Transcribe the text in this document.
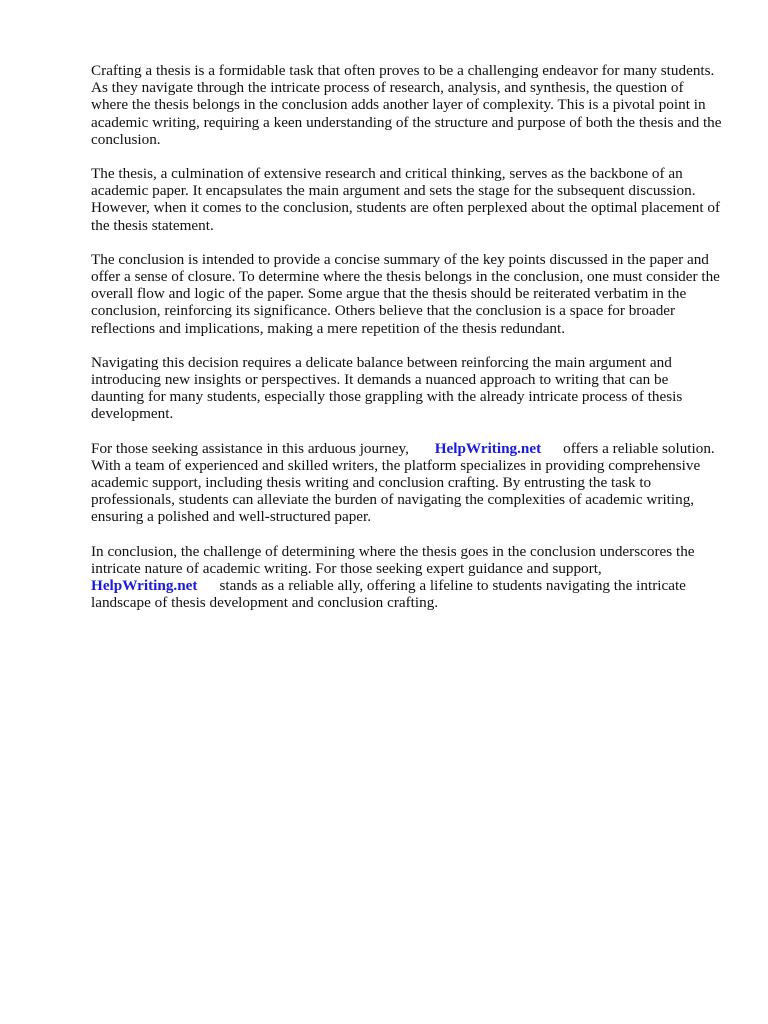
Crafting a thesis is a formidable task that often proves to be a challenging endeavor for many students. As they navigate through the intricate process of research, analysis, and synthesis, the question of where the thesis belongs in the conclusion adds another layer of complexity. This is a pivotal point in academic writing, requiring a keen understanding of the structure and purpose of both the thesis and the conclusion.

The thesis, a culmination of extensive research and critical thinking, serves as the backbone of an academic paper. It encapsulates the main argument and sets the stage for the subsequent discussion. However, when it comes to the conclusion, students are often perplexed about the optimal placement of the thesis statement.

The conclusion is intended to provide a concise summary of the key points discussed in the paper and offer a sense of closure. To determine where the thesis belongs in the conclusion, one must consider the overall flow and logic of the paper. Some argue that the thesis should be reiterated verbatim in the conclusion, reinforcing its significance. Others believe that the conclusion is a space for broader reflections and implications, making a mere repetition of the thesis redundant.

Navigating this decision requires a delicate balance between reinforcing the main argument and introducing new insights or perspectives. It demands a nuanced approach to writing that can be daunting for many students, especially those grappling with the already intricate process of thesis development.

For those seeking assistance in this arduous journey, HelpWriting.net offers a reliable solution. With a team of experienced and skilled writers, the platform specializes in providing comprehensive academic support, including thesis writing and conclusion crafting. By entrusting the task to professionals, students can alleviate the burden of navigating the complexities of academic writing, ensuring a polished and well-structured paper.

In conclusion, the challenge of determining where the thesis goes in the conclusion underscores the intricate nature of academic writing. For those seeking expert guidance and support, HelpWriting.net stands as a reliable ally, offering a lifeline to students navigating the intricate landscape of thesis development and conclusion crafting.
